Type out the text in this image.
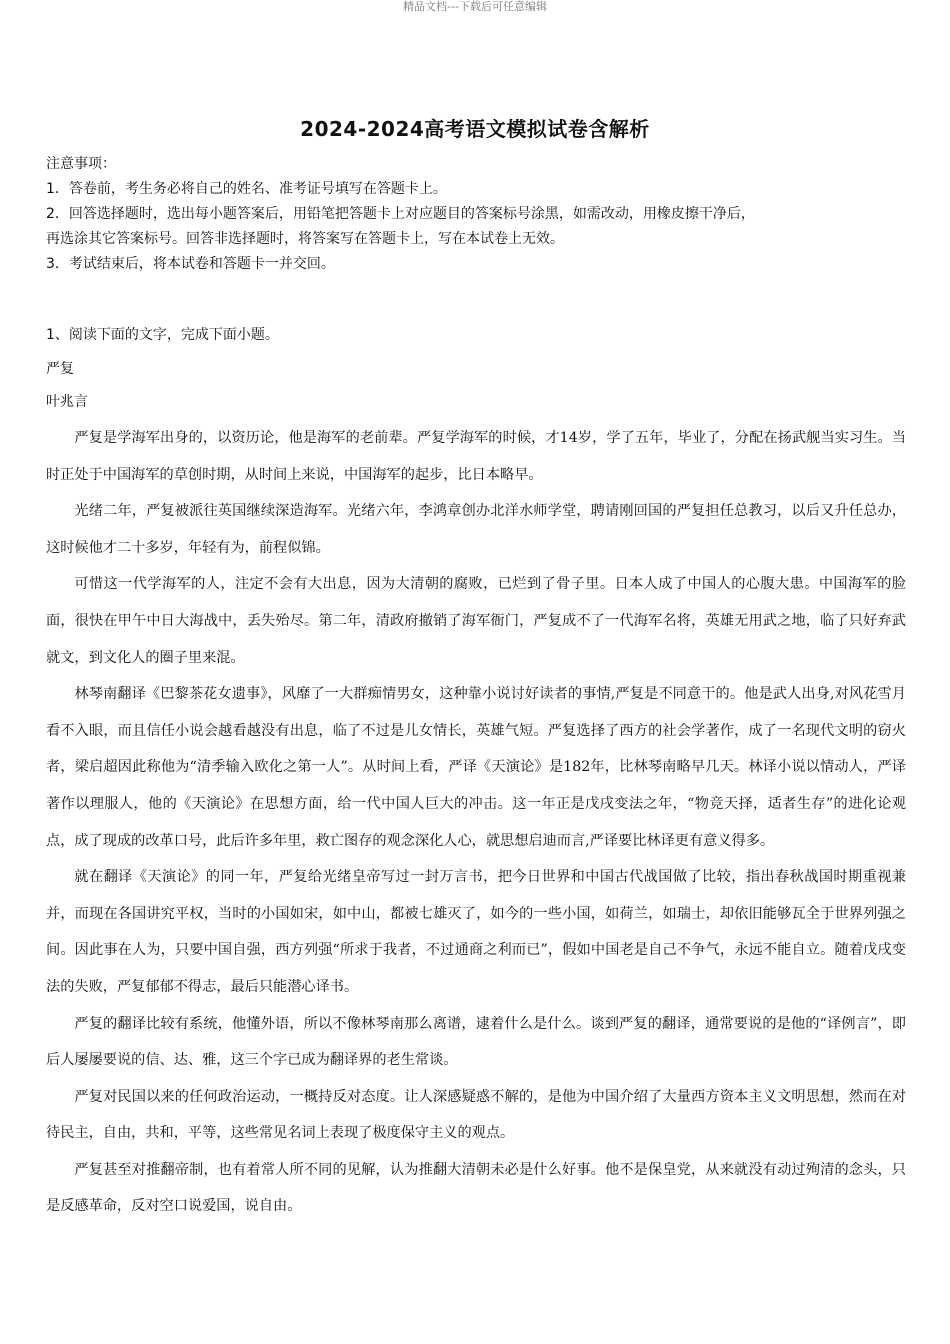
精品文档---下载后可任意编辑
2024-2024高考语文模拟试卷含解析
注意事项：
1．答卷前，考生务必将自己的姓名、准考证号填写在答题卡上。
2．回答选择题时，选出每小题答案后，用铅笔把答题卡上对应题目的答案标号涂黑，如需改动，用橡皮擦干净后，
再选涂其它答案标号。回答非选择题时，将答案写在答题卡上，写在本试卷上无效。
3．考试结束后，将本试卷和答题卡一并交回。
1、阅读下面的文字，完成下面小题。
严复
叶兆言

严复是学海军出身的，以资历论，他是海军的老前辈。严复学海军的时候，才14岁，学了五年，毕业了，分配在扬武舰当实习生。当时正处于中国海军的草创时期，从时间上来说，中国海军的起步，比日本略早。

光绪二年，严复被派往英国继续深造海军。光绪六年，李鸿章创办北洋水师学堂，聘请刚回国的严复担任总教习，以后又升任总办，这时候他才二十多岁，年轻有为，前程似锦。

可惜这一代学海军的人，注定不会有大出息，因为大清朝的腐败，已烂到了骨子里。日本人成了中国人的心腹大患。中国海军的脸面，很快在甲午中日大海战中，丢失殆尽。第二年，清政府撤销了海军衙门，严复成不了一代海军名将，英雄无用武之地，临了只好弃武就文，到文化人的圈子里来混。

林琴南翻译《巴黎茶花女遗事》，风靡了一大群痴情男女，这种靠小说讨好读者的事情,严复是不同意干的。他是武人出身,对风花雪月看不入眼，而且信任小说会越看越没有出息，临了不过是儿女情长，英雄气短。严复选择了西方的社会学著作，成了一名现代文明的窃火者，梁启超因此称他为“清季输入欧化之第一人”。从时间上看，严译《天演论》是182年，比林琴南略早几天。林译小说以情动人，严译著作以理服人，他的《天演论》在思想方面，给一代中国人巨大的冲击。这一年正是戊戌变法之年，“物竞天择，适者生存”的进化论观点，成了现成的改革口号，此后许多年里，救亡图存的观念深化人心，就思想启迪而言,严译要比林译更有意义得多。

就在翻译《天演论》的同一年，严复给光绪皇帝写过一封万言书，把今日世界和中国古代战国做了比较，指出春秋战国时期重视兼并，而现在各国讲究平权，当时的小国如宋，如中山，都被七雄灭了，如今的一些小国，如荷兰，如瑞士，却依旧能够瓦全于世界列强之间。因此事在人为，只要中国自强，西方列强“所求于我者，不过通商之利而已”，假如中国老是自己不争气，永远不能自立。随着戊戌变法的失败，严复郁郁不得志，最后只能潜心译书。

严复的翻译比较有系统，他懂外语，所以不像林琴南那么离谱，逮着什么是什么。谈到严复的翻译，通常要说的是他的“译例言”，即后人屡屡要说的信、达、雅，这三个字已成为翻译界的老生常谈。

严复对民国以来的任何政治运动，一概持反对态度。让人深感疑惑不解的，是他为中国介绍了大量西方资本主义文明思想，然而在对待民主，自由，共和，平等，这些常见名词上表现了极度保守主义的观点。

严复甚至对推翻帝制，也有着常人所不同的见解，认为推翻大清朝未必是什么好事。他不是保皇党，从来就没有动过殉清的念头，只是反感革命，反对空口说爱国，说自由。
